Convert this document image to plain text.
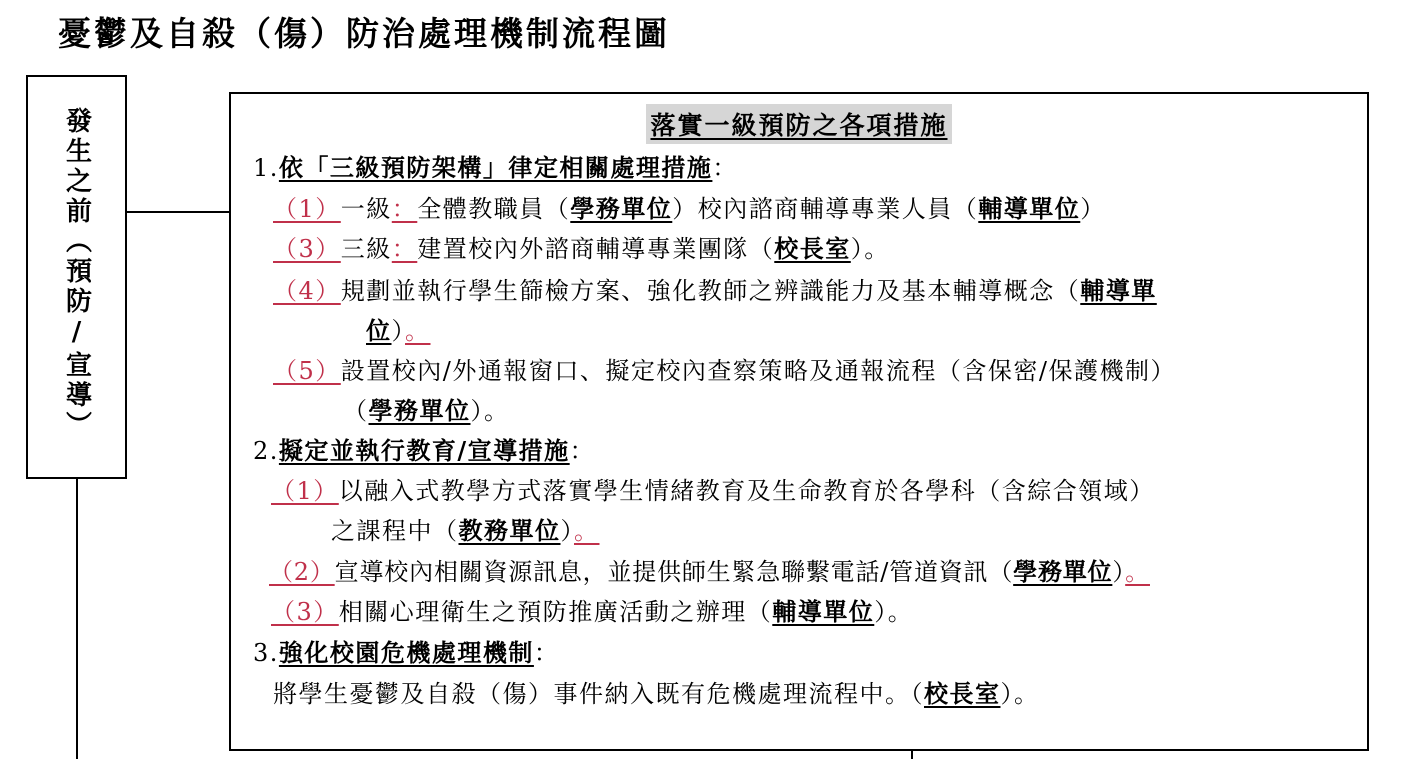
憂鬱及自殺（傷）防治處理機制流程圖
發生之前（預防/宣導）	落實一級預防之各項措施
1.依「三級預防架構」律定相關處理措施：
（1）一級：全體教職員（學務單位）校內諮商輔導專業人員（輔導單位）
（3）三級：建置校內外諮商輔導專業團隊（校長室）。
（4）規劃並執行學生篩檢方案、強化教師之辨識能力及基本輔導概念（輔導單
位）。
（5）設置校內/外通報窗口、擬定校內查察策略及通報流程（含保密/保護機制）
（學務單位）。
2.擬定並執行教育/宣導措施：
（1）以融入式教學方式落實學生情緒教育及生命教育於各學科（含綜合領域）
之課程中（教務單位）。
（2）宣導校內相關資源訊息，並提供師生緊急聯繫電話/管道資訊（學務單位）。
（3）相關心理衛生之預防推廣活動之辦理（輔導單位）。
3.強化校園危機處理機制：
將學生憂鬱及自殺（傷）事件納入既有危機處理流程中。（校長室）。
